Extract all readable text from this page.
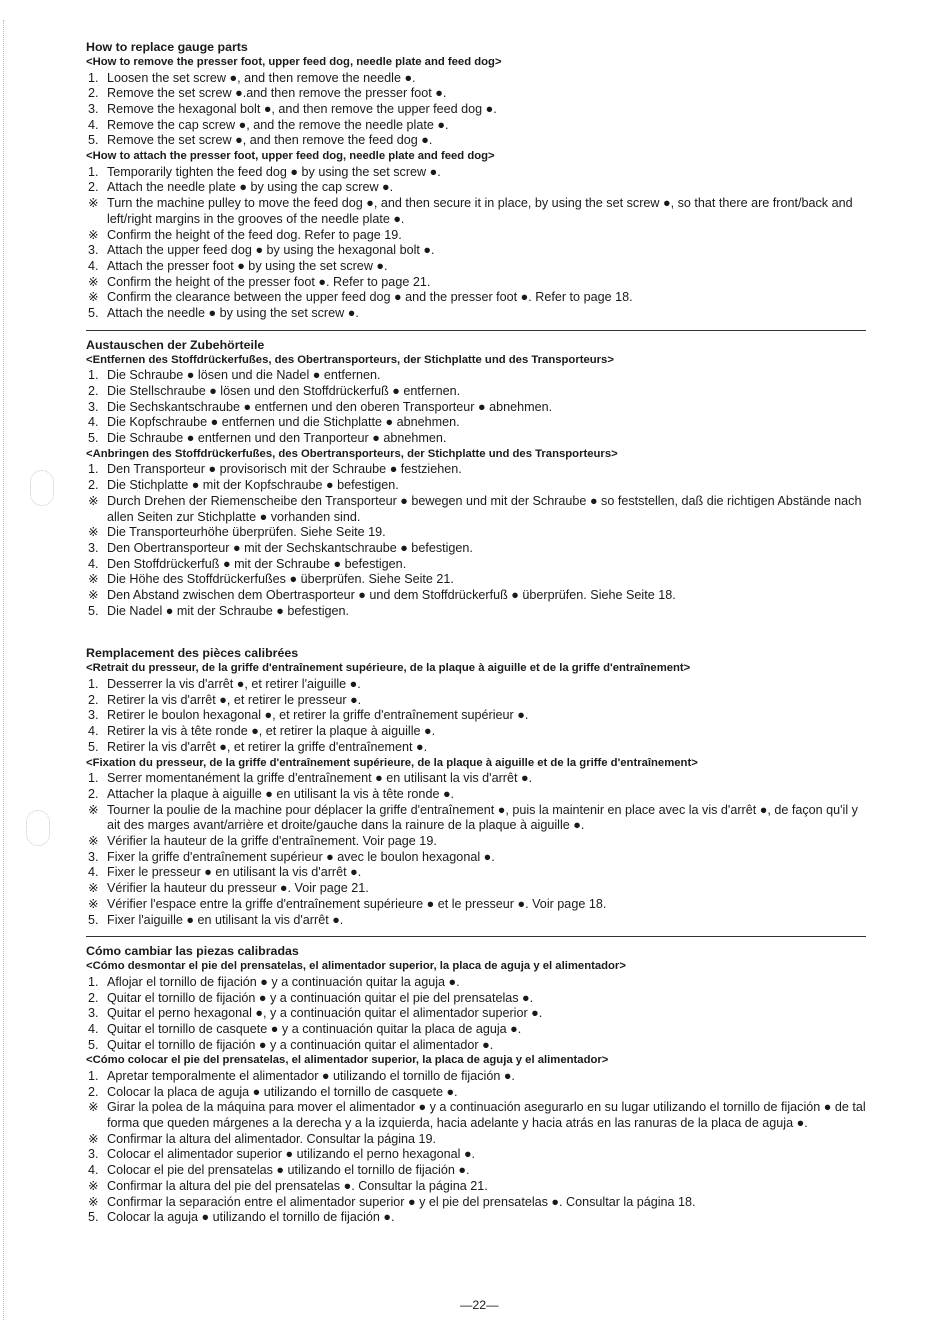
How to replace gauge parts
<How to remove the presser foot, upper feed dog, needle plate and feed dog>
1. Loosen the set screw ●, and then remove the needle ●.
2. Remove the set screw ●.and then remove the presser foot ●.
3. Remove the hexagonal bolt ●, and then remove the upper feed dog ●.
4. Remove the cap screw ●, and the remove the needle plate ●.
5. Remove the set screw ●, and then remove the feed dog ●.
<How to attach the presser foot, upper feed dog, needle plate and feed dog>
1. Temporarily tighten the feed dog ● by using the set screw ●.
2. Attach the needle plate ● by using the cap screw ●.
※ Turn the machine pulley to move the feed dog ●, and then secure it in place, by using the set screw ●, so that there are front/back and left/right margins in the grooves of the needle plate ●.
※ Confirm the height of the feed dog. Refer to page 19.
3. Attach the upper feed dog ● by using the hexagonal bolt ●.
4. Attach the presser foot ● by using the set screw ●.
※ Confirm the height of the presser foot ●. Refer to page 21.
※ Confirm the clearance between the upper feed dog ● and the presser foot ●. Refer to page 18.
5. Attach the needle ● by using the set screw ●.
Austauschen der Zubehörteile
<Entfernen des Stoffdrückerfußes, des Obertransporteurs, der Stichplatte und des Transporteurs>
1. Die Schraube ● lösen und die Nadel ● entfernen.
2. Die Stellschraube ● lösen und den Stoffdrückerfuß ● entfernen.
3. Die Sechskantschraube ● entfernen und den oberen Transporteur ● abnehmen.
4. Die Kopfschraube ● entfernen und die Stichplatte ● abnehmen.
5. Die Schraube ● entfernen und den Tranporteur ● abnehmen.
<Anbringen des Stoffdrückerfußes, des Obertransporteurs, der Stichplatte und des Transporteurs>
1. Den Transporteur ● provisorisch mit der Schraube ● festziehen.
2. Die Stichplatte ● mit der Kopfschraube ● befestigen.
※ Durch Drehen der Riemenscheibe den Transporteur ● bewegen und mit der Schraube ● so feststellen, daß die richtigen Abstände nach allen Seiten zur Stichplatte ● vorhanden sind.
※ Die Transporteurhöhe überprüfen. Siehe Seite 19.
3. Den Obertransporteur ● mit der Sechskantschraube ● befestigen.
4. Den Stoffdrückerfuß ● mit der Schraube ● befestigen.
※ Die Höhe des Stoffdrückerfußes ● überprüfen. Siehe Seite 21.
※ Den Abstand zwischen dem Obertrasporteur ● und dem Stoffdrückerfuß ● überprüfen. Siehe Seite 18.
5. Die Nadel ● mit der Schraube ● befestigen.
Remplacement des pièces calibrées
<Retrait du presseur, de la griffe d'entraînement supérieure, de la plaque à aiguille et de la griffe d'entraînement>
1. Desserrer la vis d'arrêt ●, et retirer l'aiguille ●.
2. Retirer la vis d'arrêt ●, et retirer le presseur ●.
3. Retirer le boulon hexagonal ●, et retirer la griffe d'entraînement supérieur ●.
4. Retirer la vis à tête ronde ●, et retirer la plaque à aiguille ●.
5. Retirer la vis d'arrêt ●, et retirer la griffe d'entraînement ●.
<Fixation du presseur, de la griffe d'entraînement supérieure, de la plaque à aiguille et de la griffe d'entraînement>
1. Serrer momentanément la griffe d'entraînement ● en utilisant la vis d'arrêt ●.
2. Attacher la plaque à aiguille ● en utilisant la vis à tête ronde ●.
※ Tourner la poulie de la machine pour déplacer la griffe d'entraînement ●, puis la maintenir en place avec la vis d'arrêt ●, de façon qu'il y ait des marges avant/arrière et droite/gauche dans la rainure de la plaque à aiguille ●.
※ Vérifier la hauteur de la griffe d'entraînement. Voir page 19.
3. Fixer la griffe d'entraînement supérieur ● avec le boulon hexagonal ●.
4. Fixer le presseur ● en utilisant la vis d'arrêt ●.
※ Vérifier la hauteur du presseur ●. Voir page 21.
※ Vérifier l'espace entre la griffe d'entraînement supérieure ● et le presseur ●. Voir page 18.
5. Fixer l'aiguille ● en utilisant la vis d'arrêt ●.
Cómo cambiar las piezas calibradas
<Cómo desmontar el pie del prensatelas, el alimentador superior, la placa de aguja y el alimentador>
1. Aflojar el tornillo de fijación ● y a continuación quitar la aguja ●.
2. Quitar el tornillo de fijación ● y a continuación quitar el pie del prensatelas ●.
3. Quitar el perno hexagonal ●, y a continuación quitar el alimentador superior ●.
4. Quitar el tornillo de casquete ● y a continuación quitar la placa de aguja ●.
5. Quitar el tornillo de fijación ● y a continuación quitar el alimentador ●.
<Cómo colocar el pie del prensatelas, el alimentador superior, la placa de aguja y el alimentador>
1. Apretar temporalmente el alimentador ● utilizando el tornillo de fijación ●.
2. Colocar la placa de aguja ● utilizando el tornillo de casquete ●.
※ Girar la polea de la máquina para mover el alimentador ● y a continuación asegurarlo en su lugar utilizando el tornillo de fijación ● de tal forma que queden márgenes a la derecha y a la izquierda, hacia adelante y hacia atrás en las ranuras de la placa de aguja ●.
※ Confirmar la altura del alimentador. Consultar la página 19.
3. Colocar el alimentador superior ● utilizando el perno hexagonal ●.
4. Colocar el pie del prensatelas ● utilizando el tornillo de fijación ●.
※ Confirmar la altura del pie del prensatelas ●. Consultar la página 21.
※ Confirmar la separación entre el alimentador superior ● y el pie del prensatelas ●. Consultar la página 18.
5. Colocar la aguja ● utilizando el tornillo de fijación ●.
—22—
